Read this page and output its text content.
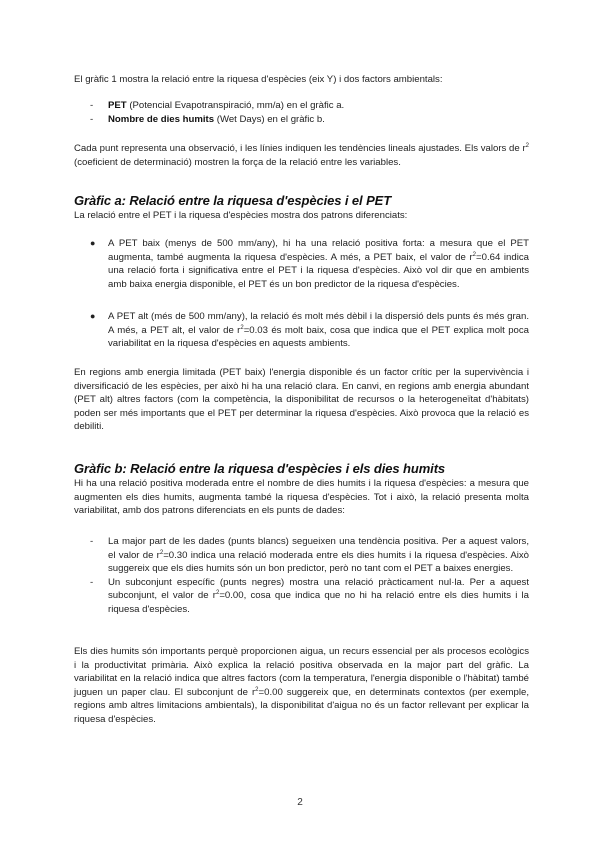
El gràfic 1 mostra la relació entre la riquesa d'espècies (eix Y) i dos factors ambientals:

- PET (Potencial Evapotranspiració, mm/a) en el gràfic a.
- Nombre de dies humits (Wet Days) en el gràfic b.

Cada punt representa una observació, i les línies indiquen les tendències lineals ajustades. Els valors de $r^2$ (coeficient de determinació) mostren la força de la relació entre les variables.

Gràfic a: Relació entre la riquesa d'espècies i el PET

La relació entre el PET i la riquesa d'espècies mostra dos patrons diferenciats:

● A PET baix (menys de 500 mm/any), hi ha una relació positiva forta: a mesura que el PET augmenta, també augmenta la riquesa d'espècies. A més, a PET baix, el valor de $r^2=0.64$ indica una relació forta i significativa entre el PET i la riquesa d'espècies. Això vol dir que en ambients amb baixa energia disponible, el PET és un bon predictor de la riquesa d'espècies.
● A PET alt (més de 500 mm/any), la relació és molt més dèbil i la dispersió dels punts és més gran. A més, a PET alt, el valor de $r^2=0.03$ és molt baix, cosa que indica que el PET explica molt poca variabilitat en la riquesa d'espècies en aquests ambients.

En regions amb energia limitada (PET baix) l'energia disponible és un factor crític per la supervivència i diversificació de les espècies, per això hi ha una relació clara. En canvi, en regions amb energia abundant (PET alt) altres factors (com la competència, la disponibilitat de recursos o la heterogeneïtat d'hàbitats) poden ser més importants que el PET per determinar la riquesa d'espècies. Això provoca que la relació es debiliti.

Gràfic b: Relació entre la riquesa d'espècies i els dies humits

Hi ha una relació positiva moderada entre el nombre de dies humits i la riquesa d'espècies: a mesura que augmenten els dies humits, augmenta també la riquesa d'espècies. Tot i això, la relació presenta molta variabilitat, amb dos patrons diferenciats en els punts de dades:

- La major part de les dades (punts blancs) segueixen una tendència positiva. Per a aquest valors, el valor de $r^2=0.30$ indica una relació moderada entre els dies humits i la riquesa d'espècies. Això suggereix que els dies humits són un bon predictor, però no tant com el PET a baixes energies.
- Un subconjunt específic (punts negres) mostra una relació pràcticament nul·la. Per a aquest subconjunt, el valor de $r^2=0.00$, cosa que indica que no hi ha relació entre els dies humits i la riquesa d'espècies.

Els dies humits són importants perquè proporcionen aigua, un recurs essencial per als procesos ecològics i la productivitat primària. Això explica la relació positiva observada en la major part del gràfic. La variabilitat en la relació indica que altres factors (com la temperatura, l'energia disponible o l'hàbitat) també juguen un paper clau. El subconjunt de $r^2=0.00$ suggereix que, en determinats contextos (per exemple, regions amb altres limitacions ambientals), la disponibilitat d'aigua no és un factor rellevant per explicar la riquesa d'espècies.

2
